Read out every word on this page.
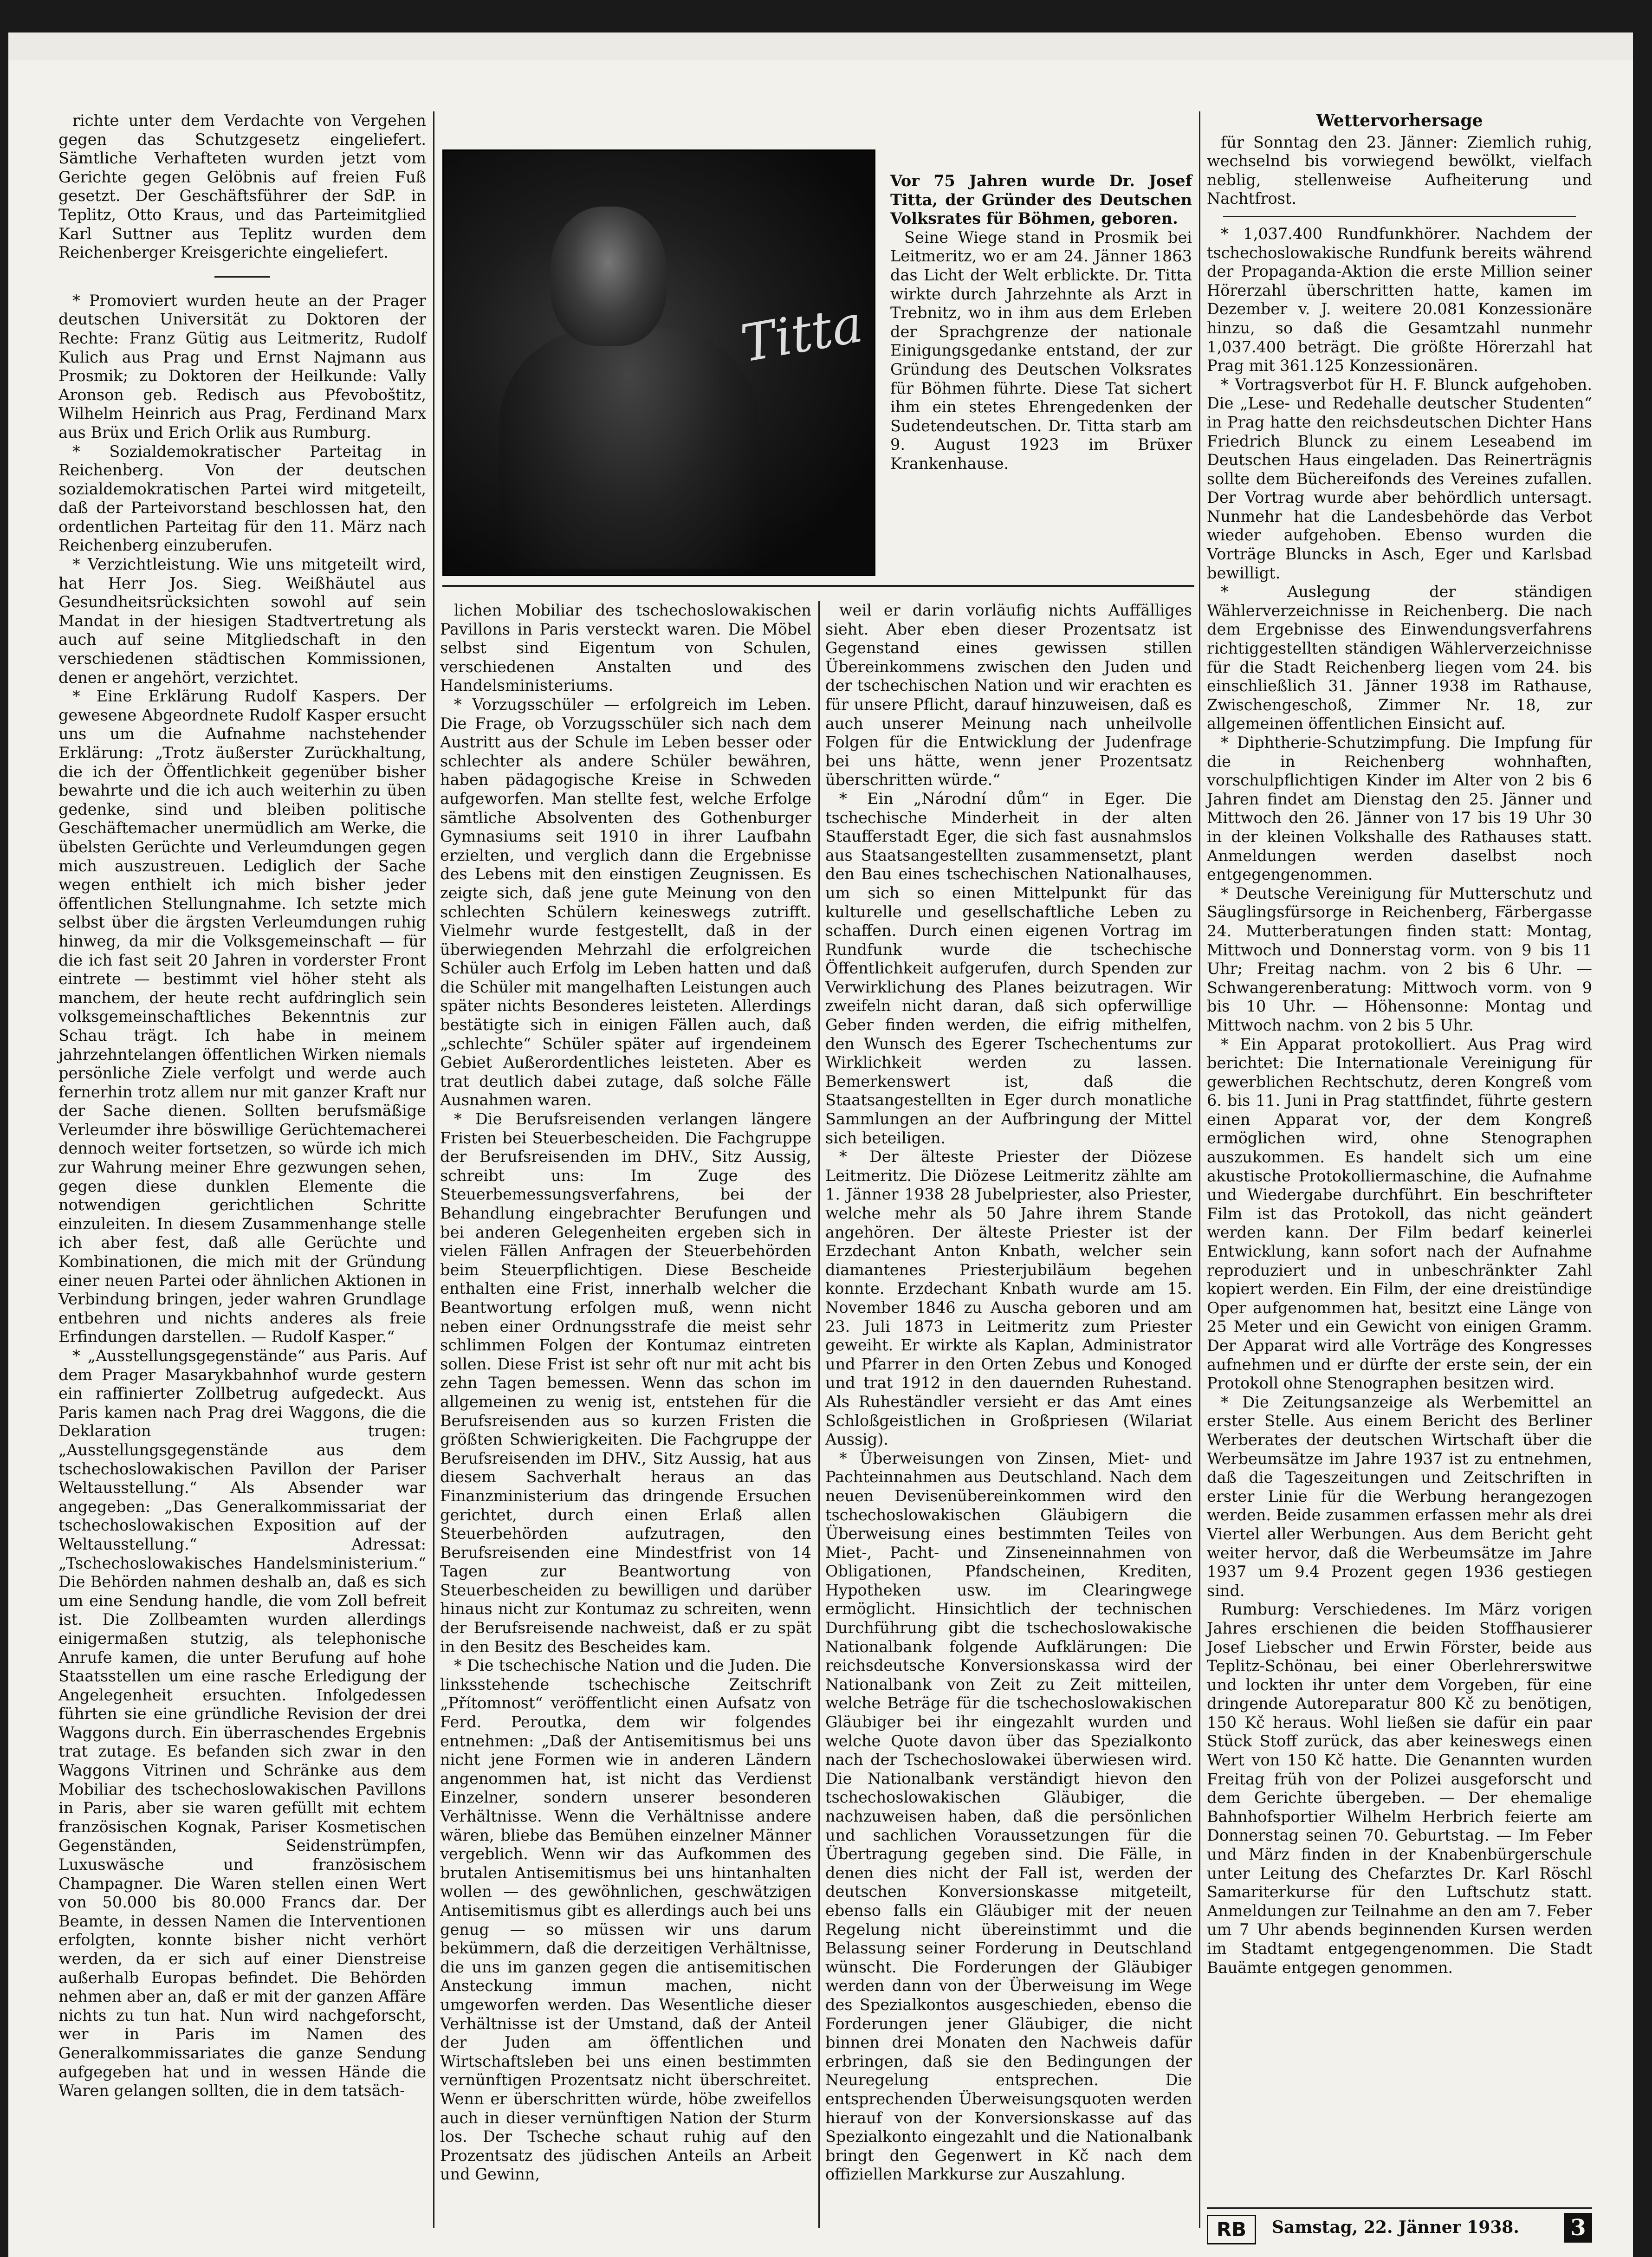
richte unter dem Verdachte von Vergehen gegen das Schutzgesetz eingeliefert. Sämtliche Verhafteten wurden jetzt vom Gerichte gegen Gelöbnis auf freien Fuß gesetzt. Der Geschäftsführer der SdP. in Teplitz, Otto Kraus, und das Parteimitglied Karl Suttner aus Teplitz wurden dem Reichenberger Kreisgerichte eingeliefert.

* Promoviert wurden heute an der Prager deutschen Universität zu Doktoren der Rechte: Franz Gütig aus Leitmeritz, Rudolf Kulich aus Prag und Ernst Najmann aus Prosmik; zu Doktoren der Heilkunde: Vally Aronson geb. Redisch aus Pfevoboštitz, Wilhelm Heinrich aus Prag, Ferdinand Marx aus Brüx und Erich Orlik aus Rumburg.

* Sozialdemokratischer Parteitag in Reichenberg. Von der deutschen sozialdemokratischen Partei wird mitgeteilt, daß der Parteivorstand beschlossen hat, den ordentlichen Parteitag für den 11. März nach Reichenberg einzuberufen.

* Verzichtleistung. Wie uns mitgeteilt wird, hat Herr Jos. Sieg. Weißhäutel aus Gesundheitsrücksichten sowohl auf sein Mandat in der hiesigen Stadtvertretung als auch auf seine Mitgliedschaft in den verschiedenen städtischen Kommissionen, denen er angehört, verzichtet.

* Eine Erklärung Rudolf Kaspers. Der gewesene Abgeordnete Rudolf Kasper ersucht uns um die Aufnahme nachstehender Erklärung: „Trotz äußerster Zurückhaltung, die ich der Öffentlichkeit gegenüber bisher bewahrte und die ich auch weiterhin zu üben gedenke, sind und bleiben politische Geschäftemacher unermüdlich am Werke, die übelsten Gerüchte und Verleumdungen gegen mich auszustreuen. Lediglich der Sache wegen enthielt ich mich bisher jeder öffentlichen Stellungnahme. Ich setzte mich selbst über die ärgsten Verleumdungen ruhig hinweg, da mir die Volksgemeinschaft — für die ich fast seit 20 Jahren in vorderster Front eintrete — bestimmt viel höher steht als manchem, der heute recht aufdringlich sein volksgemeinschaftliches Bekenntnis zur Schau trägt. Ich habe in meinem jahrzehntelangen öffentlichen Wirken niemals persönliche Ziele verfolgt und werde auch fernerhin trotz allem nur mit ganzer Kraft nur der Sache dienen. Sollten berufsmäßige Verleumder ihre böswillige Gerüchtemacherei dennoch weiter fortsetzen, so würde ich mich zur Wahrung meiner Ehre gezwungen sehen, gegen diese dunklen Elemente die notwendigen gerichtlichen Schritte einzuleiten. In diesem Zusammenhange stelle ich aber fest, daß alle Gerüchte und Kombinationen, die mich mit der Gründung einer neuen Partei oder ähnlichen Aktionen in Verbindung bringen, jeder wahren Grundlage entbehren und nichts anderes als freie Erfindungen darstellen. — Rudolf Kasper.“

* „Ausstellungsgegenstände“ aus Paris. Auf dem Prager Masarykbahnhof wurde gestern ein raffinierter Zollbetrug aufgedeckt. Aus Paris kamen nach Prag drei Waggons, die die Deklaration trugen: „Ausstellungsgegenstände aus dem tschechoslowakischen Pavillon der Pariser Weltausstellung.“ Als Absender war angegeben: „Das Generalkommissariat der tschechoslowakischen Exposition auf der Weltausstellung.“ Adressat: „Tschechoslowakisches Handelsministerium.“ Die Behörden nahmen deshalb an, daß es sich um eine Sendung handle, die vom Zoll befreit ist. Die Zollbeamten wurden allerdings einigermaßen stutzig, als telephonische Anrufe kamen, die unter Berufung auf hohe Staatsstellen um eine rasche Erledigung der Angelegenheit ersuchten. Infolgedessen führten sie eine gründliche Revision der drei Waggons durch. Ein überraschendes Ergebnis trat zutage. Es befanden sich zwar in den Waggons Vitrinen und Schränke aus dem Mobiliar des tschechoslowakischen Pavillons in Paris, aber sie waren gefüllt mit echtem französischen Kognak, Pariser Kosmetischen Gegenständen, Seidenstrümpfen, Luxuswäsche und französischem Champagner. Die Waren stellen einen Wert von 50.000 bis 80.000 Francs dar. Der Beamte, in dessen Namen die Interventionen erfolgten, konnte bisher nicht verhört werden, da er sich auf einer Dienstreise außerhalb Europas befindet. Die Behörden nehmen aber an, daß er mit der ganzen Affäre nichts zu tun hat. Nun wird nachgeforscht, wer in Paris im Namen des Generalkommissariates die ganze Sendung aufgegeben hat und in wessen Hände die Waren gelangen sollten, die in dem tatsäch-

Titta
Vor 75 Jahren wurde Dr. Josef Titta, der Gründer des Deutschen Volksrates für Böhmen, geboren.

Seine Wiege stand in Prosmik bei Leitmeritz, wo er am 24. Jänner 1863 das Licht der Welt erblickte. Dr. Titta wirkte durch Jahrzehnte als Arzt in Trebnitz, wo in ihm aus dem Erleben der Sprachgrenze der nationale Einigungsgedanke entstand, der zur Gründung des Deutschen Volksrates für Böhmen führte. Diese Tat sichert ihm ein stetes Ehrengedenken der Sudetendeutschen. Dr. Titta starb am 9. August 1923 im Brüxer Krankenhause.

lichen Mobiliar des tschechoslowakischen Pavillons in Paris versteckt waren. Die Möbel selbst sind Eigentum von Schulen, verschiedenen Anstalten und des Handelsministeriums.

* Vorzugsschüler — erfolgreich im Leben. Die Frage, ob Vorzugsschüler sich nach dem Austritt aus der Schule im Leben besser oder schlechter als andere Schüler bewähren, haben pädagogische Kreise in Schweden aufgeworfen. Man stellte fest, welche Erfolge sämtliche Absolventen des Gothenburger Gymnasiums seit 1910 in ihrer Laufbahn erzielten, und verglich dann die Ergebnisse des Lebens mit den einstigen Zeugnissen. Es zeigte sich, daß jene gute Meinung von den schlechten Schülern keineswegs zutrifft. Vielmehr wurde festgestellt, daß in der überwiegenden Mehrzahl die erfolgreichen Schüler auch Erfolg im Leben hatten und daß die Schüler mit mangelhaften Leistungen auch später nichts Besonderes leisteten. Allerdings bestätigte sich in einigen Fällen auch, daß „schlechte“ Schüler später auf irgendeinem Gebiet Außerordentliches leisteten. Aber es trat deutlich dabei zutage, daß solche Fälle Ausnahmen waren.

* Die Berufsreisenden verlangen längere Fristen bei Steuerbescheiden. Die Fachgruppe der Berufsreisenden im DHV., Sitz Aussig, schreibt uns: Im Zuge des Steuerbemessungsverfahrens, bei der Behandlung eingebrachter Berufungen und bei anderen Gelegenheiten ergeben sich in vielen Fällen Anfragen der Steuerbehörden beim Steuerpflichtigen. Diese Bescheide enthalten eine Frist, innerhalb welcher die Beantwortung erfolgen muß, wenn nicht neben einer Ordnungsstrafe die meist sehr schlimmen Folgen der Kontumaz eintreten sollen. Diese Frist ist sehr oft nur mit acht bis zehn Tagen bemessen. Wenn das schon im allgemeinen zu wenig ist, entstehen für die Berufsreisenden aus so kurzen Fristen die größten Schwierigkeiten. Die Fachgruppe der Berufsreisenden im DHV., Sitz Aussig, hat aus diesem Sachverhalt heraus an das Finanzministerium das dringende Ersuchen gerichtet, durch einen Erlaß allen Steuerbehörden aufzutragen, den Berufsreisenden eine Mindestfrist von 14 Tagen zur Beantwortung von Steuerbescheiden zu bewilligen und darüber hinaus nicht zur Kontumaz zu schreiten, wenn der Berufsreisende nachweist, daß er zu spät in den Besitz des Bescheides kam.

* Die tschechische Nation und die Juden. Die linksstehende tschechische Zeitschrift „Přítomnost“ veröffentlicht einen Aufsatz von Ferd. Peroutka, dem wir folgendes entnehmen: „Daß der Antisemitismus bei uns nicht jene Formen wie in anderen Ländern angenommen hat, ist nicht das Verdienst Einzelner, sondern unserer besonderen Verhältnisse. Wenn die Verhältnisse andere wären, bliebe das Bemühen einzelner Männer vergeblich. Wenn wir das Aufkommen des brutalen Antisemitismus bei uns hintanhalten wollen — des gewöhnlichen, geschwätzigen Antisemitismus gibt es allerdings auch bei uns genug — so müssen wir uns darum bekümmern, daß die derzeitigen Verhältnisse, die uns im ganzen gegen die antisemitischen Ansteckung immun machen, nicht umgeworfen werden. Das Wesentliche dieser Verhältnisse ist der Umstand, daß der Anteil der Juden am öffentlichen und Wirtschaftsleben bei uns einen bestimmten vernünftigen Prozentsatz nicht überschreitet. Wenn er überschritten würde, höbe zweifellos auch in dieser vernünftigen Nation der Sturm los. Der Tscheche schaut ruhig auf den Prozentsatz des jüdischen Anteils an Arbeit und Gewinn,

weil er darin vorläufig nichts Auffälliges sieht. Aber eben dieser Prozentsatz ist Gegenstand eines gewissen stillen Übereinkommens zwischen den Juden und der tschechischen Nation und wir erachten es für unsere Pflicht, darauf hinzuweisen, daß es auch unserer Meinung nach unheilvolle Folgen für die Entwicklung der Judenfrage bei uns hätte, wenn jener Prozentsatz überschritten würde.“

* Ein „Národní dům“ in Eger. Die tschechische Minderheit in der alten Staufferstadt Eger, die sich fast ausnahmslos aus Staatsangestellten zusammensetzt, plant den Bau eines tschechischen Nationalhauses, um sich so einen Mittelpunkt für das kulturelle und gesellschaftliche Leben zu schaffen. Durch einen eigenen Vortrag im Rundfunk wurde die tschechische Öffentlichkeit aufgerufen, durch Spenden zur Verwirklichung des Planes beizutragen. Wir zweifeln nicht daran, daß sich opferwillige Geber finden werden, die eifrig mithelfen, den Wunsch des Egerer Tschechentums zur Wirklichkeit werden zu lassen. Bemerkenswert ist, daß die Staatsangestellten in Eger durch monatliche Sammlungen an der Aufbringung der Mittel sich beteiligen.

* Der älteste Priester der Diözese Leitmeritz. Die Diözese Leitmeritz zählte am 1. Jänner 1938 28 Jubelpriester, also Priester, welche mehr als 50 Jahre ihrem Stande angehören. Der älteste Priester ist der Erzdechant Anton Knbath, welcher sein diamantenes Priesterjubiläum begehen konnte. Erzdechant Knbath wurde am 15. November 1846 zu Auscha geboren und am 23. Juli 1873 in Leitmeritz zum Priester geweiht. Er wirkte als Kaplan, Administrator und Pfarrer in den Orten Zebus und Konoged und trat 1912 in den dauernden Ruhestand. Als Ruheständler versieht er das Amt eines Schloßgeistlichen in Großpriesen (Wilariat Aussig).

* Überweisungen von Zinsen, Miet- und Pachteinnahmen aus Deutschland. Nach dem neuen Devisenübereinkommen wird den tschechoslowakischen Gläubigern die Überweisung eines bestimmten Teiles von Miet-, Pacht- und Zinseneinnahmen von Obligationen, Pfandscheinen, Krediten, Hypotheken usw. im Clearingwege ermöglicht. Hinsichtlich der technischen Durchführung gibt die tschechoslowakische Nationalbank folgende Aufklärungen: Die reichsdeutsche Konversionskassa wird der Nationalbank von Zeit zu Zeit mitteilen, welche Beträge für die tschechoslowakischen Gläubiger bei ihr eingezahlt wurden und welche Quote davon über das Spezialkonto nach der Tschechoslowakei überwiesen wird. Die Nationalbank verständigt hievon den tschechoslowakischen Gläubiger, die nachzuweisen haben, daß die persönlichen und sachlichen Voraussetzungen für die Übertragung gegeben sind. Die Fälle, in denen dies nicht der Fall ist, werden der deutschen Konversionskasse mitgeteilt, ebenso falls ein Gläubiger mit der neuen Regelung nicht übereinstimmt und die Belassung seiner Forderung in Deutschland wünscht. Die Forderungen der Gläubiger werden dann von der Überweisung im Wege des Spezialkontos ausgeschieden, ebenso die Forderungen jener Gläubiger, die nicht binnen drei Monaten den Nachweis dafür erbringen, daß sie den Bedingungen der Neuregelung entsprechen. Die entsprechenden Überweisungsquoten werden hierauf von der Konversionskasse auf das Spezialkonto eingezahlt und die Nationalbank bringt den Gegenwert in Kč nach dem offiziellen Markkurse zur Auszahlung.

Wettervorhersage

für Sonntag den 23. Jänner: Ziemlich ruhig, wechselnd bis vorwiegend bewölkt, vielfach neblig, stellenweise Aufheiterung und Nachtfrost.

* 1,037.400 Rundfunkhörer. Nachdem der tschechoslowakische Rundfunk bereits während der Propaganda-Aktion die erste Million seiner Hörerzahl überschritten hatte, kamen im Dezember v. J. weitere 20.081 Konzessionäre hinzu, so daß die Gesamtzahl nunmehr 1,037.400 beträgt. Die größte Hörerzahl hat Prag mit 361.125 Konzessionären.

* Vortragsverbot für H. F. Blunck aufgehoben. Die „Lese- und Redehalle deutscher Studenten“ in Prag hatte den reichsdeutschen Dichter Hans Friedrich Blunck zu einem Leseabend im Deutschen Haus eingeladen. Das Reinerträgnis sollte dem Büchereifonds des Vereines zufallen. Der Vortrag wurde aber behördlich untersagt. Nunmehr hat die Landesbehörde das Verbot wieder aufgehoben. Ebenso wurden die Vorträge Bluncks in Asch, Eger und Karlsbad bewilligt.

* Auslegung der ständigen Wählerverzeichnisse in Reichenberg. Die nach dem Ergebnisse des Einwendungsverfahrens richtiggestellten ständigen Wählerverzeichnisse für die Stadt Reichenberg liegen vom 24. bis einschließlich 31. Jänner 1938 im Rathause, Zwischengeschoß, Zimmer Nr. 18, zur allgemeinen öffentlichen Einsicht auf.

* Diphtherie-Schutzimpfung. Die Impfung für die in Reichenberg wohnhaften, vorschulpflichtigen Kinder im Alter von 2 bis 6 Jahren findet am Dienstag den 25. Jänner und Mittwoch den 26. Jänner von 17 bis 19 Uhr 30 in der kleinen Volkshalle des Rathauses statt. Anmeldungen werden daselbst noch entgegengenommen.

* Deutsche Vereinigung für Mutterschutz und Säuglingsfürsorge in Reichenberg, Färbergasse 24. Mutterberatungen finden statt: Montag, Mittwoch und Donnerstag vorm. von 9 bis 11 Uhr; Freitag nachm. von 2 bis 6 Uhr. — Schwangerenberatung: Mittwoch vorm. von 9 bis 10 Uhr. — Höhensonne: Montag und Mittwoch nachm. von 2 bis 5 Uhr.

* Ein Apparat protokolliert. Aus Prag wird berichtet: Die Internationale Vereinigung für gewerblichen Rechtschutz, deren Kongreß vom 6. bis 11. Juni in Prag stattfindet, führte gestern einen Apparat vor, der dem Kongreß ermöglichen wird, ohne Stenographen auszukommen. Es handelt sich um eine akustische Protokolliermaschine, die Aufnahme und Wiedergabe durchführt. Ein beschrifteter Film ist das Protokoll, das nicht geändert werden kann. Der Film bedarf keinerlei Entwicklung, kann sofort nach der Aufnahme reproduziert und in unbeschränkter Zahl kopiert werden. Ein Film, der eine dreistündige Oper aufgenommen hat, besitzt eine Länge von 25 Meter und ein Gewicht von einigen Gramm. Der Apparat wird alle Vorträge des Kongresses aufnehmen und er dürfte der erste sein, der ein Protokoll ohne Stenographen besitzen wird.

* Die Zeitungsanzeige als Werbemittel an erster Stelle. Aus einem Bericht des Berliner Werberates der deutschen Wirtschaft über die Werbeumsätze im Jahre 1937 ist zu entnehmen, daß die Tageszeitungen und Zeitschriften in erster Linie für die Werbung herangezogen werden. Beide zusammen erfassen mehr als drei Viertel aller Werbungen. Aus dem Bericht geht weiter hervor, daß die Werbeumsätze im Jahre 1937 um 9.4 Prozent gegen 1936 gestiegen sind.

Rumburg: Verschiedenes. Im März vorigen Jahres erschienen die beiden Stoffhausierer Josef Liebscher und Erwin Förster, beide aus Teplitz-Schönau, bei einer Oberlehrerswitwe und lockten ihr unter dem Vorgeben, für eine dringende Autoreparatur 800 Kč zu benötigen, 150 Kč heraus. Wohl ließen sie dafür ein paar Stück Stoff zurück, das aber keineswegs einen Wert von 150 Kč hatte. Die Genannten wurden Freitag früh von der Polizei ausgeforscht und dem Gerichte übergeben. — Der ehemalige Bahnhofsportier Wilhelm Herbrich feierte am Donnerstag seinen 70. Geburtstag. — Im Feber und März finden in der Knabenbürgerschule unter Leitung des Chefarztes Dr. Karl Röschl Samariterkurse für den Luftschutz statt. Anmeldungen zur Teilnahme an den am 7. Feber um 7 Uhr abends beginnenden Kursen werden im Stadtamt entgegengenommen. Die Stadt Bauämte entgegen genommen.

RB	Samstag, 22. Jänner 1938. 3
